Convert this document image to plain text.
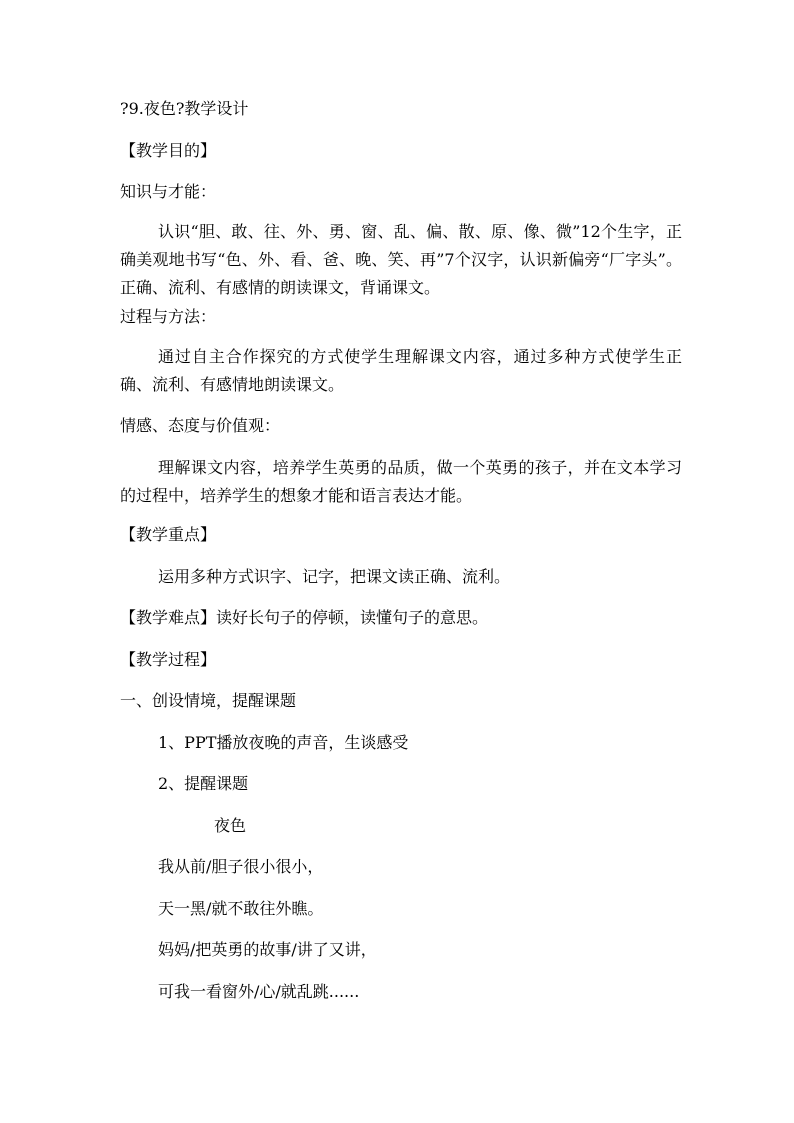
?9.夜色?教学设计
【教学目的】
知识与才能：
认识“胆、敢、往、外、勇、窗、乱、偏、散、原、像、微”12个生字，正确美观地书写“色、外、看、爸、晚、笑、再”7个汉字，认识新偏旁“厂字头”。正确、流利、有感情的朗读课文，背诵课文。
过程与方法：
通过自主合作探究的方式使学生理解课文内容，通过多种方式使学生正确、流利、有感情地朗读课文。
情感、态度与价值观：
理解课文内容，培养学生英勇的品质，做一个英勇的孩子，并在文本学习的过程中，培养学生的想象才能和语言表达才能。
【教学重点】
运用多种方式识字、记字，把课文读正确、流利。
【教学难点】读好长句子的停顿，读懂句子的意思。
【教学过程】
一、创设情境，提醒课题
1、PPT播放夜晚的声音，生谈感受
2、提醒课题
夜色
我从前/胆子很小很小，
天一黑/就不敢往外瞧。
妈妈/把英勇的故事/讲了又讲，
可我一看窗外/心/就乱跳......
